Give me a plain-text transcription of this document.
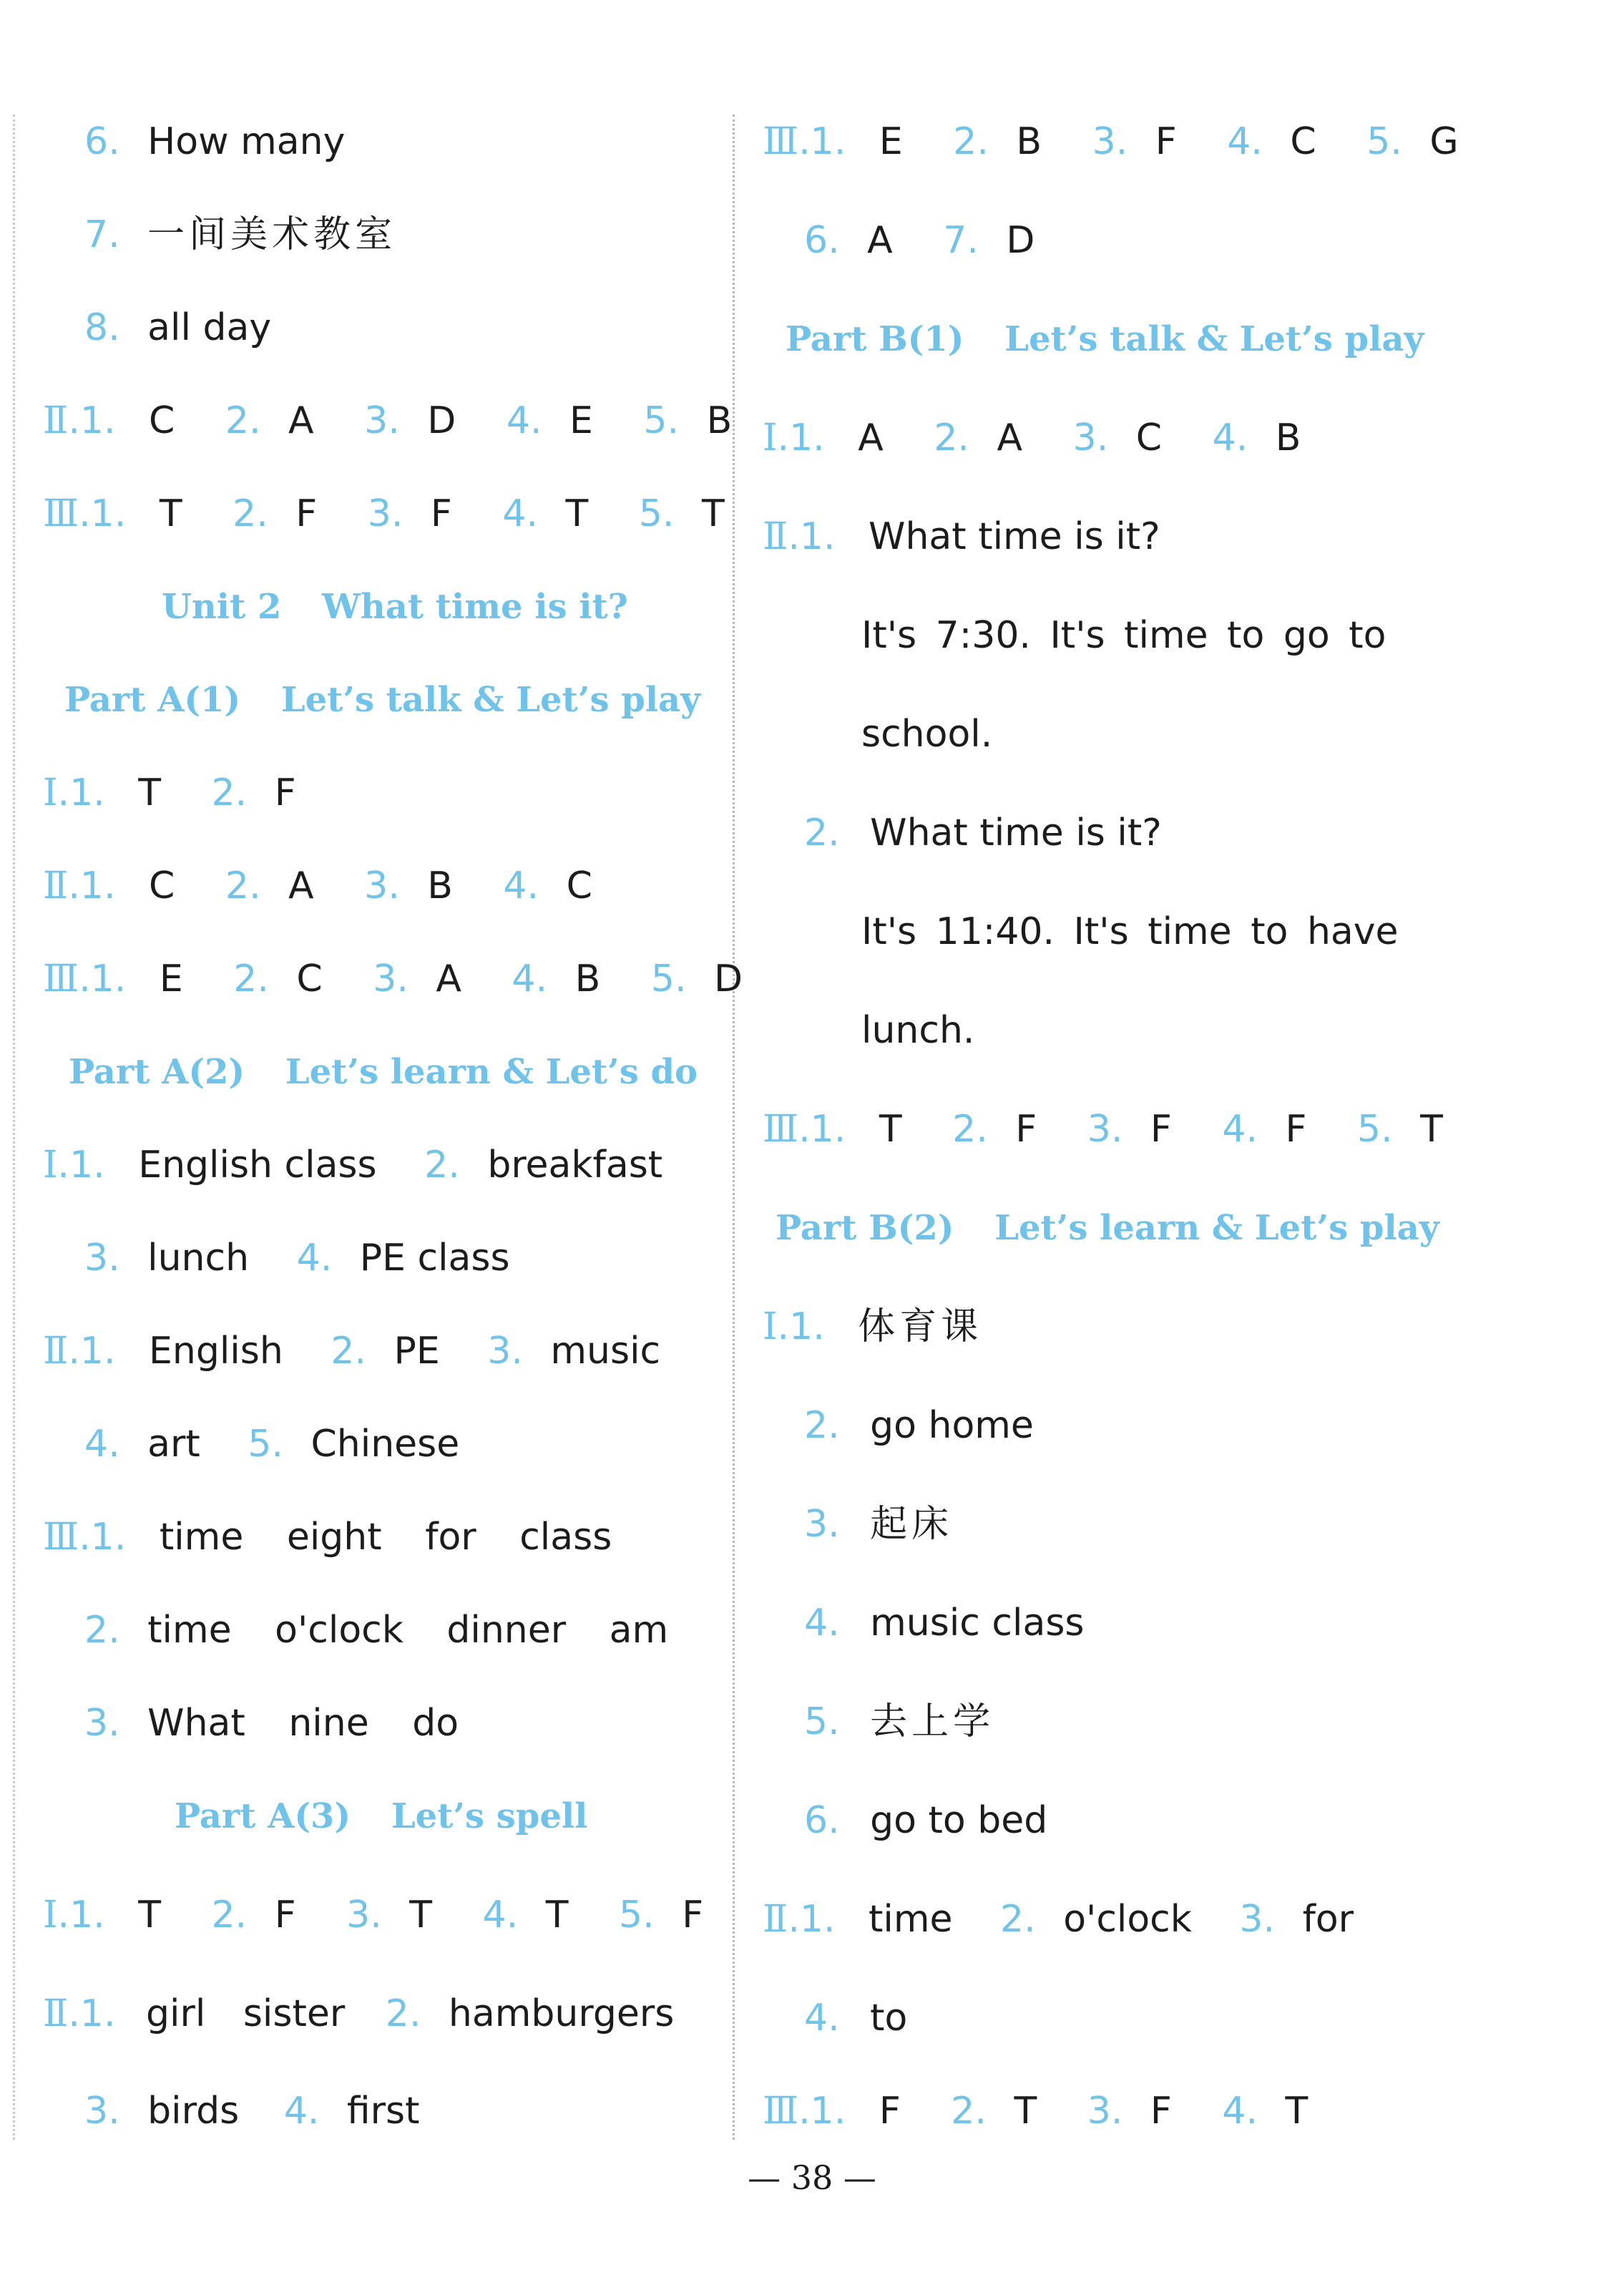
6. How many
7. 一间美术教室
8. all day
Ⅱ.1. C 2. A 3. D 4. E 5. B
Ⅲ.1. T 2. F 3. F 4. T 5. T
Unit 2 What time is it?
Part A(1) Let’s talk & Let’s play
Ⅰ.1. T 2. F
Ⅱ.1. C 2. A 3. B 4. C
Ⅲ.1. E 2. C 3. A 4. B 5. D
Part A(2) Let’s learn & Let’s do
Ⅰ.1. English class 2. breakfast
3. lunch 4. PE class
Ⅱ.1. English 2. PE 3. music
4. art 5. Chinese
Ⅲ.1. time eight for class
2. time o'clock dinner am
3. What nine do
Part A(3) Let’s spell
Ⅰ.1. T 2. F 3. T 4. T 5. F
Ⅱ.1. girl sister 2. hamburgers
3. birds 4. first
Ⅲ.1. E 2. B 3. F 4. C 5. G
6. A 7. D
Part B(1) Let’s talk & Let’s play
Ⅰ.1. A 2. A 3. C 4. B
Ⅱ.1. What time is it?
It's 7:30. It's time to go to
school.
2. What time is it?
It's 11:40. It's time to have
lunch.
Ⅲ.1. T 2. F 3. F 4. F 5. T
Part B(2) Let’s learn & Let’s play
Ⅰ.1. 体育课
2. go home
3. 起床
4. music class
5. 去上学
6. go to bed
Ⅱ.1. time 2. o'clock 3. for
4. to
Ⅲ.1. F 2. T 3. F 4. T
— 38 —
